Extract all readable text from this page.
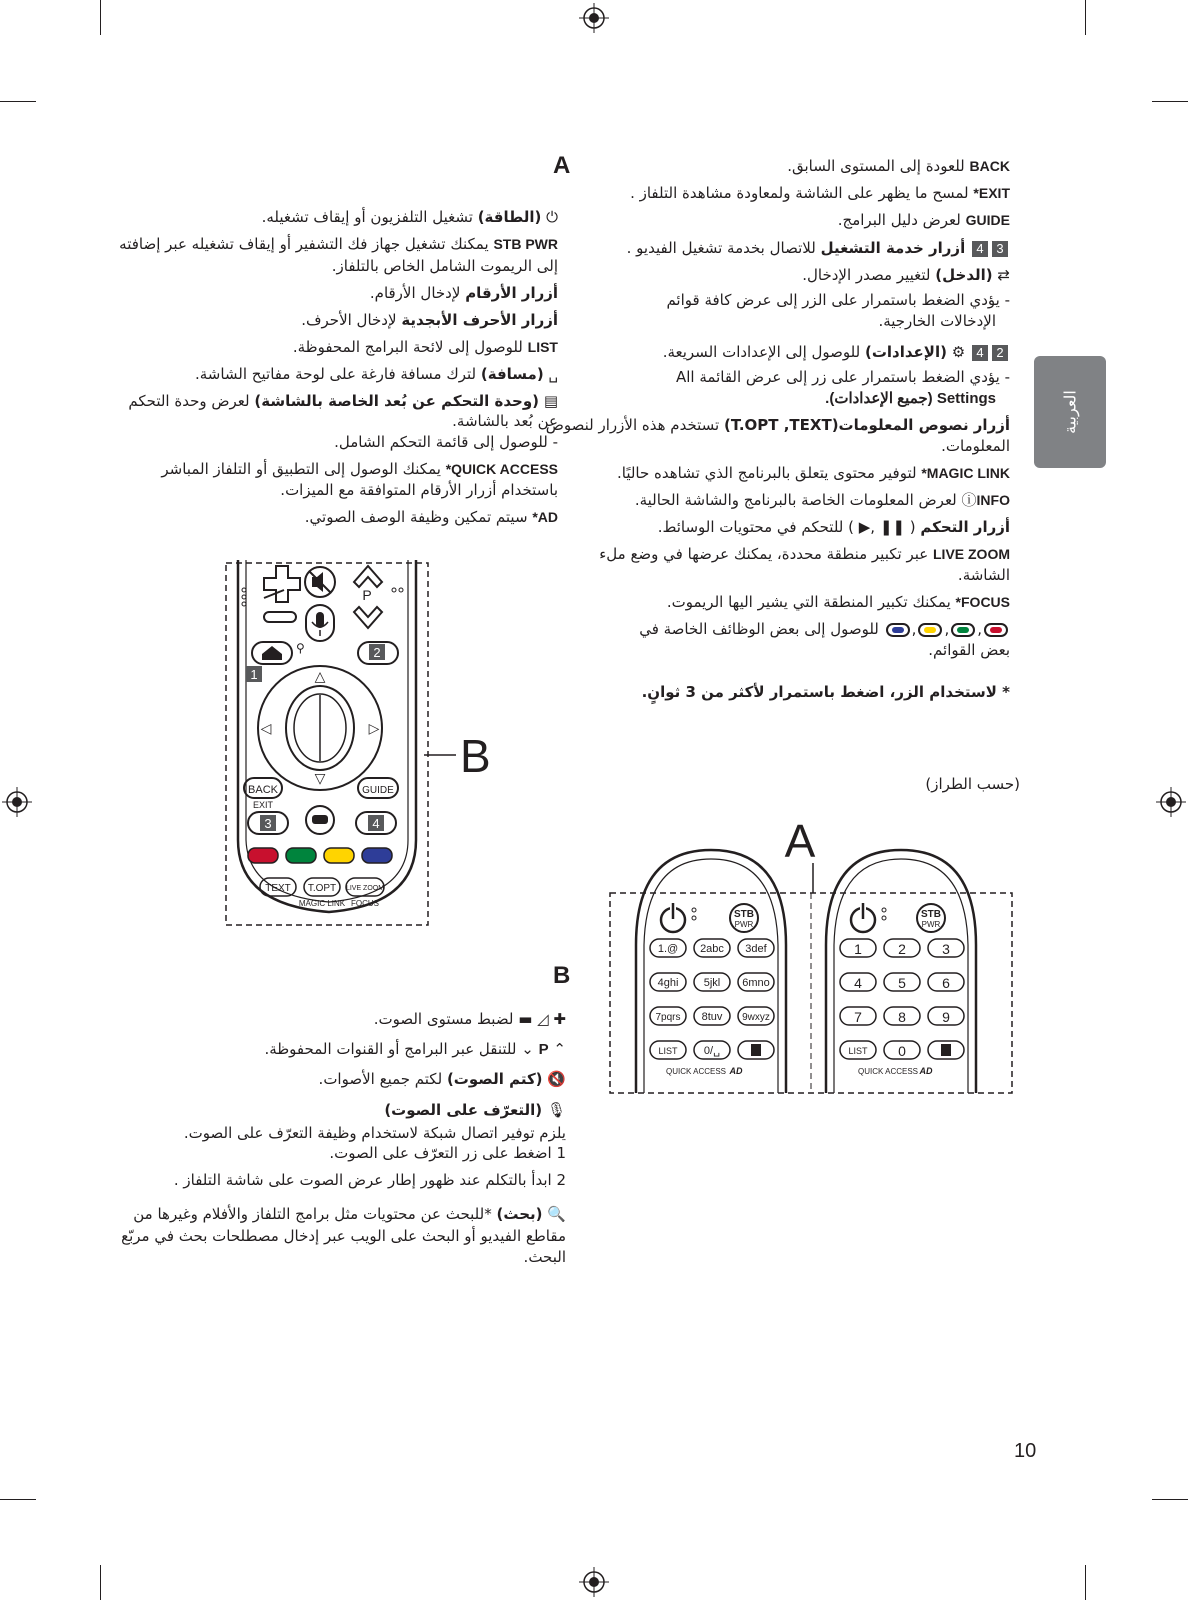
العربية
BACK للعودة إلى المستوى السابق.
EXIT* لمسح ما يظهر على الشاشة ولمعاودة مشاهدة التلفاز .
GUIDE لعرض دليل البرامج.
34 أزرار خدمة التشغيل للاتصال بخدمة تشغيل الفيديو .
⇄ (الدخل) لتغيير مصدر الإدخال.
- يؤدي الضغط باستمرار على الزر إلى عرض كافة قوائم
الإدخالات الخارجية.
24 ⚙ (الإعدادات) للوصول إلى الإعدادات السريعة.
- يؤدي الضغط باستمرار على زر إلى عرض القائمة All
Settings (جميع الإعدادات).
أزرار نصوص المعلومات(T.OPT ,TEXT) تستخدم هذه الأزرار لنصوص
المعلومات.
MAGIC LINK* لتوفير محتوى يتعلق بالبرنامج الذي تشاهده حاليًا.
ⓘINFO لعرض المعلومات الخاصة بالبرنامج والشاشة الحالية.
أزرار التحكم ( ❚❚ ,▶ ) للتحكم في محتويات الوسائط.
LIVE ZOOM عبر تكبير منطقة محددة، يمكنك عرضها في وضع ملء
الشاشة.
FOCUS* يمكنك تكبير المنطقة التي يشير اليها الريموت.
,
,
,
للوصول إلى بعض الوظائف الخاصة في
بعض القوائم.
* لاستخدام الزر، اضغط باستمرار لأكثر من 3 ثوانٍ.
(حسب الطراز)
A
⏻ (الطاقة) تشغيل التلفزيون أو إيقاف تشغيله.
STB PWR يمكنك تشغيل جهاز فك التشفير أو إيقاف تشغيله عبر إضافته
إلى الريموت الشامل الخاص بالتلفاز.
أزرار الأرقام لإدخال الأرقام.
أزرار الأحرف الأبجدية لإدخال الأحرف.
LIST للوصول إلى لائحة البرامج المحفوظة.
␣ (مسافة) لترك مسافة فارغة على لوحة مفاتيح الشاشة.
▤ (وحدة التحكم عن بُعد الخاصة بالشاشة) لعرض وحدة التحكم
عن بُعد بالشاشة.
- للوصول إلى قائمة التحكم الشامل.
QUICK ACCESS* يمكنك الوصول إلى التطبيق أو التلفاز المباشر
باستخدام أزرار الأرقام المتوافقة مع الميزات.
AD* سيتم تمكين وظيفة الوصف الصوتي.
P
⚲	2
1	△
▽
◁	▷
BACK
EXIT
GUIDE
3	4
TEXT T.OPT LIVE ZOOM
MAGIC LINK FOCUS
B
B
✚ ◿ ▬ لضبط مستوى الصوت.
⌃ P ⌄ للتنقل عبر البرامج أو القنوات المحفوظة.
🔇 (كتم الصوت) لكتم جميع الأصوات.
🎙 (التعرّف على الصوت)
يلزم توفير اتصال شبكة لاستخدام وظيفة التعرّف على الصوت.
1 اضغط على زر التعرّف على الصوت.
2 ابدأ بالتكلم عند ظهور إطار عرض الصوت على شاشة التلفاز .
🔍 (بحث) *للبحث عن محتويات مثل برامج التلفاز والأفلام وغيرها من
مقاطع الفيديو أو البحث على الويب عبر إدخال مصطلحات بحث في مربّع
البحث.
A
STB
PWR
1.@ 2abc 3def
4ghi 5jkl 6mno
7pqrs 8tuv 9wxyz
LIST 0/␣
QUICK ACCESS AD
STB
PWR
1	2	3
4	5	6
7	8	9
LIST 0
QUICK ACCESS AD
10
